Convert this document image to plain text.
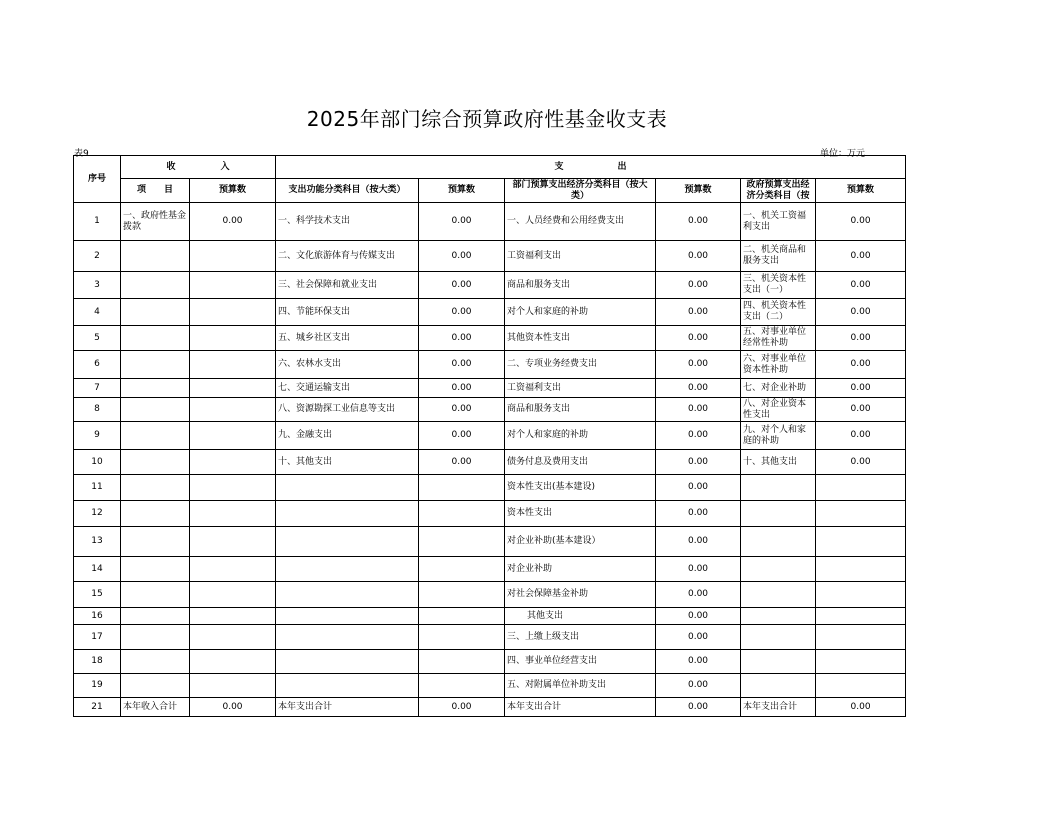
2025年部门综合预算政府性基金收支表
表9	单位：万元
序号	收　　　　　入		支　　　　　　出					
	项　　目	预算数	支出功能分类科目（按大类）	预算数	部门预算支出经济分类科目（按大类）	预算数	政府预算支出经济分类科目（按	预算数
1	一、政府性基金拨款	0.00	一、科学技术支出	0.00	一、人员经费和公用经费支出	0.00	一、机关工资福利支出	0.00
2			二、文化旅游体育与传媒支出	0.00	工资福利支出	0.00	二、机关商品和服务支出	0.00
3			三、社会保障和就业支出	0.00	商品和服务支出	0.00	三、机关资本性支出（一）	0.00
4			四、节能环保支出	0.00	对个人和家庭的补助	0.00	四、机关资本性支出（二）	0.00
5			五、城乡社区支出	0.00	其他资本性支出	0.00	五、对事业单位经常性补助	0.00
6			六、农林水支出	0.00	二、专项业务经费支出	0.00	六、对事业单位资本性补助	0.00
7			七、交通运输支出	0.00	工资福利支出	0.00	七、对企业补助	0.00
8			八、资源勘探工业信息等支出	0.00	商品和服务支出	0.00	八、对企业资本性支出	0.00
9			九、金融支出	0.00	对个人和家庭的补助	0.00	九、对个人和家庭的补助	0.00
10			十、其他支出	0.00	债务付息及费用支出	0.00	十、其他支出	0.00
11					资本性支出(基本建设)	0.00		
12					资本性支出	0.00		
13					对企业补助(基本建设）	0.00		
14					对企业补助	0.00		
15					对社会保障基金补助	0.00		
16					其他支出	0.00		
17					三、上缴上级支出	0.00		
18					四、事业单位经营支出	0.00		
19					五、对附属单位补助支出	0.00		
21	本年收入合计	0.00	本年支出合计	0.00	本年支出合计	0.00	本年支出合计	0.00
